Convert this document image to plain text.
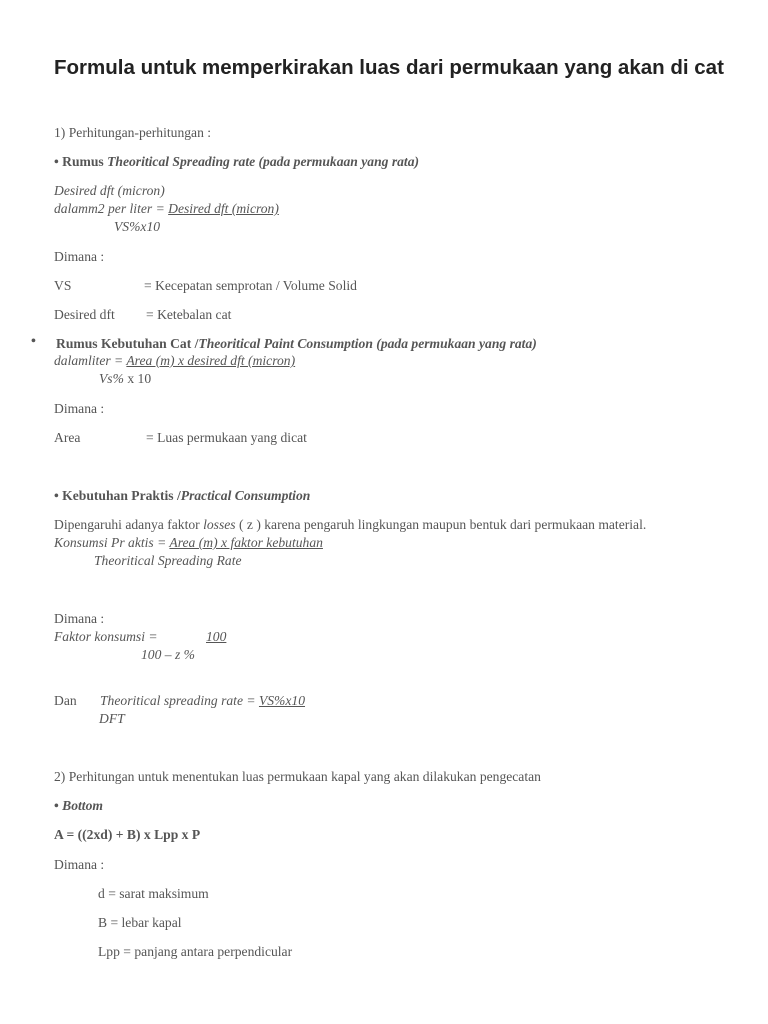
Formula untuk memperkirakan luas dari permukaan yang akan di cat
1) Perhitungan-perhitungan :
• Rumus Theoritical Spreading rate (pada permukaan yang rata)
Desired dft (micron)
dalamm2 per liter = Desired dft (micron)
VS%x10
Dimana :
VS	= Kecepatan semprotan / Volume Solid
Desired dft = Ketebalan cat
• Rumus Kebutuhan Cat /Theoritical Paint Consumption (pada permukaan yang rata)
dalamliter = Area (m) x desired dft (micron)
Vs% x 10
Dimana :
Area	= Luas permukaan yang dicat
• Kebutuhan Praktis /Practical Consumption
Dipengaruhi adanya faktor losses ( z ) karena pengaruh lingkungan maupun bentuk dari permukaan material.
Konsumsi Pr aktis = Area (m) x faktor kebutuhan
Theoritical Spreading Rate
Dimana :
Faktor konsumsi =	100
100 – z %
Dan Theoritical spreading rate = VS%x10
DFT
2) Perhitungan untuk menentukan luas permukaan kapal yang akan dilakukan pengecatan
• Bottom
A = ((2xd) + B) x Lpp x P
Dimana :
d = sarat maksimum
B = lebar kapal
Lpp = panjang antara perpendicular
